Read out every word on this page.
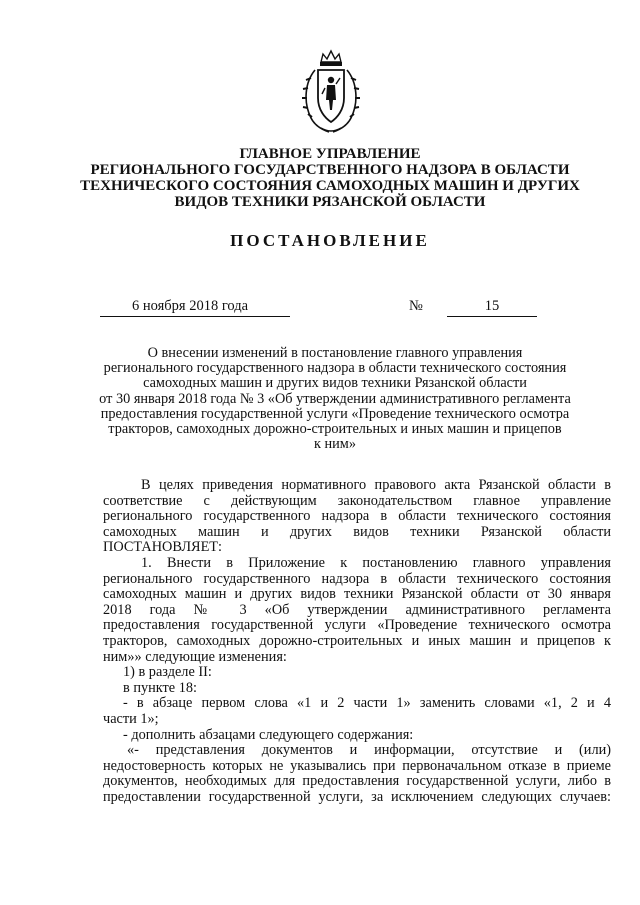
ГЛАВНОЕ УПРАВЛЕНИЕ
РЕГИОНАЛЬНОГО ГОСУДАРСТВЕННОГО НАДЗОРА В ОБЛАСТИ
ТЕХНИЧЕСКОГО СОСТОЯНИЯ САМОХОДНЫХ МАШИН И ДРУГИХ
ВИДОВ ТЕХНИКИ РЯЗАНСКОЙ ОБЛАСТИ
ПОСТАНОВЛЕНИЕ
6 ноября 2018 года	№	15
О внесении изменений в постановление главного управления
регионального государственного надзора в области технического состояния
самоходных машин и других видов техники Рязанской области
от 30 января 2018 года № 3 «Об утверждении административного регламента
предоставления государственной услуги «Проведение технического осмотра
тракторов, самоходных дорожно-строительных и иных машин и прицепов
к ним»
В целях приведения нормативного правового акта Рязанской области в
соответствие с действующим законодательством главное управление
регионального государственного надзора в области технического состояния
самоходных машин и других видов техники Рязанской области
ПОСТАНОВЛЯЕТ:
1. Внести в Приложение к постановлению главного управления
регионального государственного надзора в области технического состояния
самоходных машин и других видов техники Рязанской области от 30 января
2018 года № 3 «Об утверждении административного регламента
предоставления государственной услуги «Проведение технического осмотра
тракторов, самоходных дорожно-строительных и иных машин и прицепов к
ним»» следующие изменения:
1) в разделе II:
в пункте 18:
- в абзаце первом слова «1 и 2 части 1» заменить словами «1, 2 и 4
части 1»;
- дополнить абзацами следующего содержания:
«- представления документов и информации, отсутствие и (или)
недостоверность которых не указывались при первоначальном отказе в приеме
документов, необходимых для предоставления государственной услуги, либо в
предоставлении государственной услуги, за исключением следующих случаев:
